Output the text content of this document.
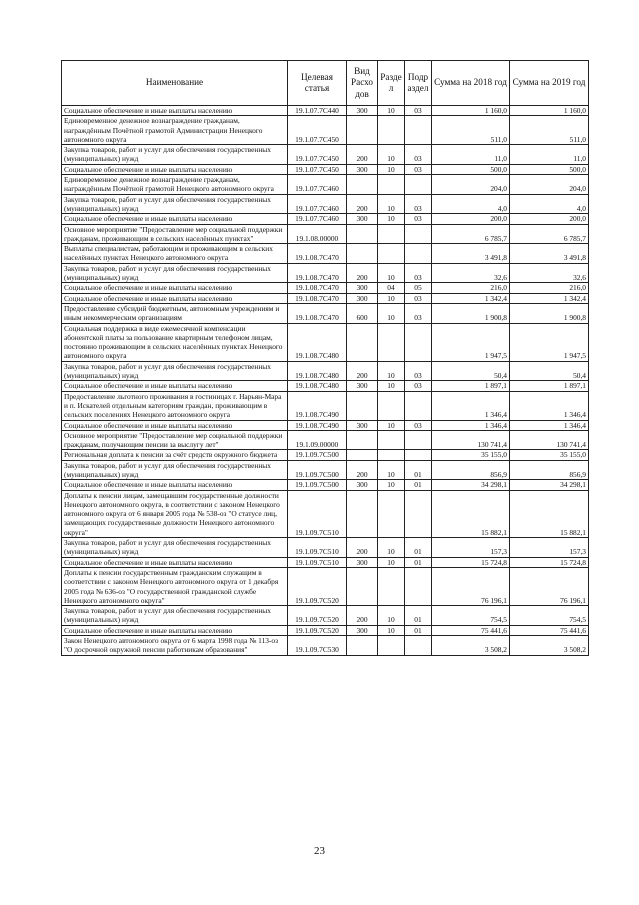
Наименование	Целевая статья	Вид Расхо дов	Разде л	Подр аздел	Сумма на 2018 год	Сумма на 2019 год
Социальное обеспечение и иные выплаты населению	19.1.07.7С440	300	10	03	1 160,0	1 160,0
Единовременное денежное вознаграждение гражданам, награждённым Почётной грамотой Администрации Ненецкого автономного округа	19.1.07.7С450				511,0	511,0
Закупка товаров, работ и услуг для обеспечения государственных (муниципальных) нужд	19.1.07.7С450	200	10	03	11,0	11,0
Социальное обеспечение и иные выплаты населению	19.1.07.7С450	300	10	03	500,0	500,0
Единовременное денежное вознаграждение гражданам, награждённым Почётной грамотой Ненецкого автономного округа	19.1.07.7С460				204,0	204,0
Закупка товаров, работ и услуг для обеспечения государственных (муниципальных) нужд	19.1.07.7С460	200	10	03	4,0	4,0
Социальное обеспечение и иные выплаты населению	19.1.07.7С460	300	10	03	200,0	200,0
Основное мероприятие "Предоставление мер социальной поддержки гражданам, проживающим в сельских населённых пунктах"	19.1.08.00000				6 785,7	6 785,7
Выплаты специалистам, работающим и проживающим в сельских населённых пунктах Ненецкого автономного округа	19.1.08.7С470				3 491,8	3 491,8
Закупка товаров, работ и услуг для обеспечения государственных (муниципальных) нужд	19.1.08.7С470	200	10	03	32,6	32,6
Социальное обеспечение и иные выплаты населению	19.1.08.7С470	300	04	05	216,0	216,0
Социальное обеспечение и иные выплаты населению	19.1.08.7С470	300	10	03	1 342,4	1 342,4
Предоставление субсидий бюджетным, автономным учреждениям и иным некоммерческим организациям	19.1.08.7С470	600	10	03	1 900,8	1 900,8
Социальная поддержка в виде ежемесячной компенсации абонентской платы за пользование квартирным телефоном лицам, постоянно проживающим в сельских населённых пунктах Ненецкого автономного округа	19.1.08.7С480				1 947,5	1 947,5
Закупка товаров, работ и услуг для обеспечения государственных (муниципальных) нужд	19.1.08.7С480	200	10	03	50,4	50,4
Социальное обеспечение и иные выплаты населению	19.1.08.7С480	300	10	03	1 897,1	1 897,1
Предоставление льготного проживания в гостиницах г. Нарьян-Мара и п. Искателей отдельным категориям граждан, проживающим в сельских поселениях Ненецкого автономного округа	19.1.08.7С490				1 346,4	1 346,4
Социальное обеспечение и иные выплаты населению	19.1.08.7С490	300	10	03	1 346,4	1 346,4
Основное мероприятие "Предоставление мер социальной поддержки гражданам, получающим пенсии за выслугу лет"	19.1.09.00000				130 741,4	130 741,4
Региональная доплата к пенсии за счёт средств окружного бюджета	19.1.09.7С500				35 155,0	35 155,0
Закупка товаров, работ и услуг для обеспечения государственных (муниципальных) нужд	19.1.09.7С500	200	10	01	856,9	856,9
Социальное обеспечение и иные выплаты населению	19.1.09.7С500	300	10	01	34 298,1	34 298,1
Доплаты к пенсии лицам, замещавшим государственные должности Ненецкого автономного округа, в соответствии с законом Ненецкого автономного округа от 6 января 2005 года № 538-оз "О статусе лиц, замещающих государственные должности Ненецкого автономного округа"	19.1.09.7С510				15 882,1	15 882,1
Закупка товаров, работ и услуг для обеспечения государственных (муниципальных) нужд	19.1.09.7С510	200	10	01	157,3	157,3
Социальное обеспечение и иные выплаты населению	19.1.09.7С510	300	10	01	15 724,8	15 724,8
Доплаты к пенсии государственным гражданским служащим в соответствии с законом Ненецкого автономного округа от 1 декабря 2005 года № 636-оз "О государственной гражданской службе Ненецкого автономного округа"	19.1.09.7С520				76 196,1	76 196,1
Закупка товаров, работ и услуг для обеспечения государственных (муниципальных) нужд	19.1.09.7С520	200	10	01	754,5	754,5
Социальное обеспечение и иные выплаты населению	19.1.09.7С520	300	10	01	75 441,6	75 441,6
Закон Ненецкого автономного округа от 6 марта 1998 года № 113-оз "О досрочной окружной пенсии работникам образования"	19.1.09.7С530				3 508,2	3 508,2
23
